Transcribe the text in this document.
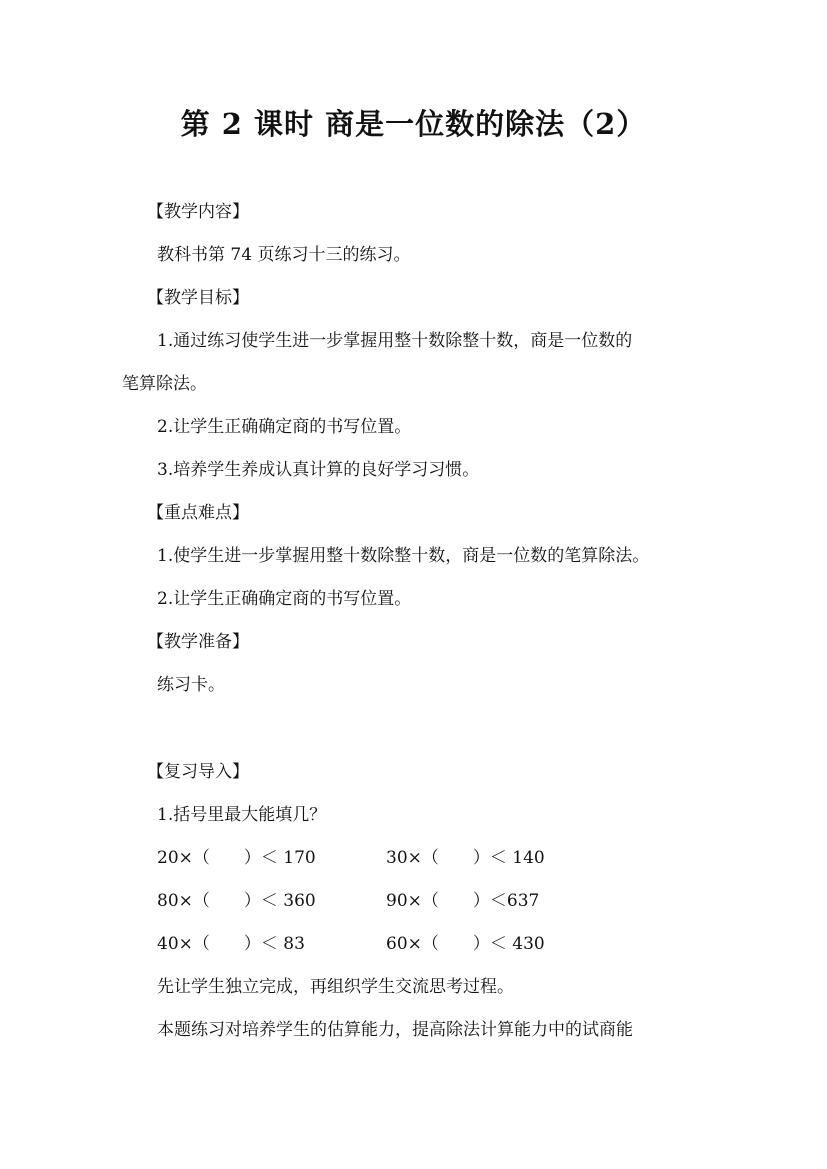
第 2 课时 商是一位数的除法（2）
【教学内容】
教科书第 74 页练习十三的练习。
【教学目标】
1.通过练习使学生进一步掌握用整十数除整十数，商是一位数的
笔算除法。
2.让学生正确确定商的书写位置。
3.培养学生养成认真计算的良好学习习惯。
【重点难点】
1.使学生进一步掌握用整十数除整十数，商是一位数的笔算除法。
2.让学生正确确定商的书写位置。
【教学准备】
练习卡。
【复习导入】
1.括号里最大能填几？
20×（　　）＜ 170	30×（　　）＜ 140
80×（　　）＜ 360	90×（　　）＜637
40×（　　）＜ 83	60×（　　）＜ 430
先让学生独立完成，再组织学生交流思考过程。
本题练习对培养学生的估算能力，提高除法计算能力中的试商能
